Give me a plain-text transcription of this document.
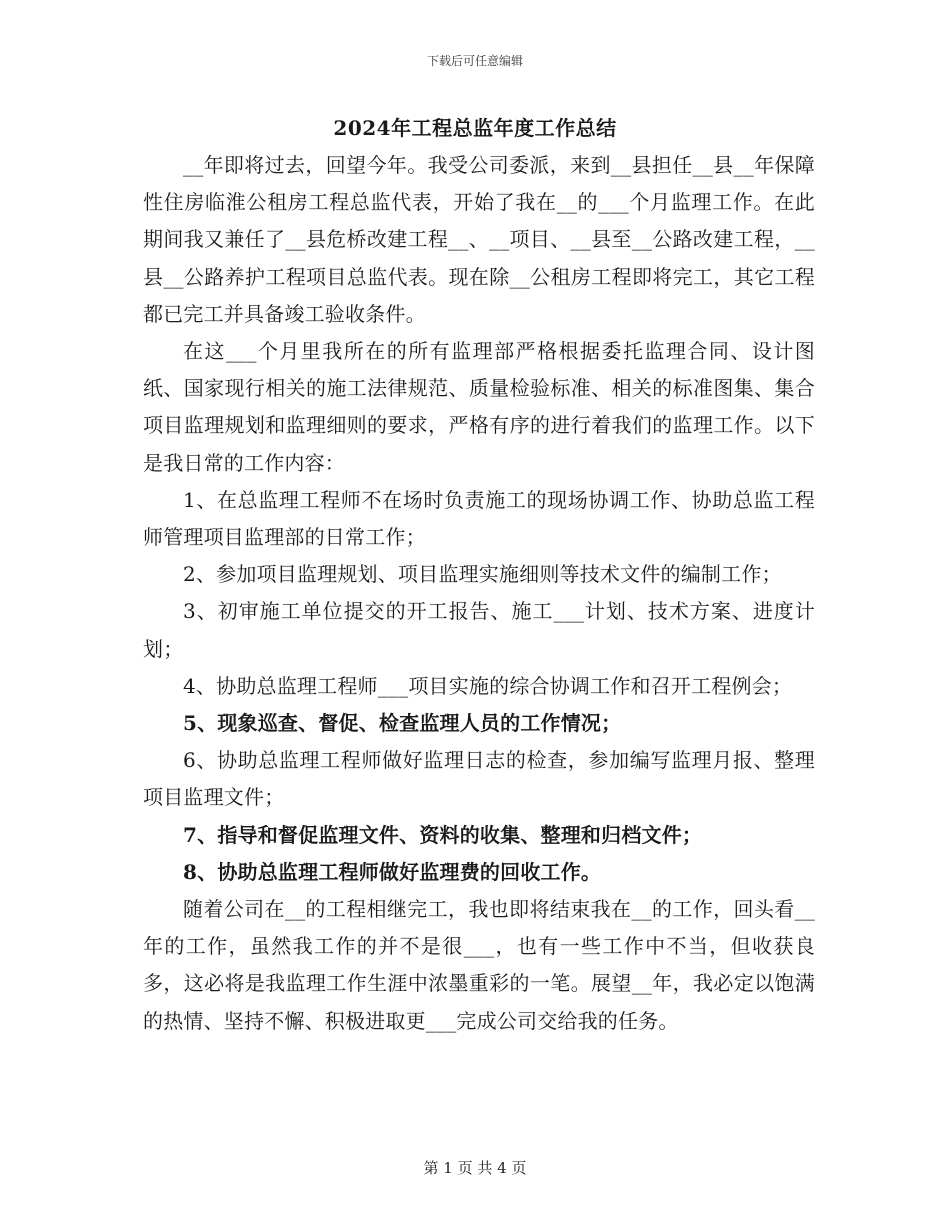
下载后可任意编辑
2024年工程总监年度工作总结

__年即将过去，回望今年。我受公司委派，来到__县担任__县__年保障性住房临淮公租房工程总监代表，开始了我在__的___个月监理工作。在此期间我又兼任了__县危桥改建工程__、__项目、__县至__公路改建工程，__县__公路养护工程项目总监代表。现在除__公租房工程即将完工，其它工程都已完工并具备竣工验收条件。

在这___个月里我所在的所有监理部严格根据委托监理合同、设计图纸、国家现行相关的施工法律规范、质量检验标准、相关的标准图集、集合项目监理规划和监理细则的要求，严格有序的进行着我们的监理工作。以下是我日常的工作内容：

1、在总监理工程师不在场时负责施工的现场协调工作、协助总监工程师管理项目监理部的日常工作；

2、参加项目监理规划、项目监理实施细则等技术文件的编制工作；

3、初审施工单位提交的开工报告、施工___计划、技术方案、进度计划；

4、协助总监理工程师___项目实施的综合协调工作和召开工程例会；

5、现象巡查、督促、检查监理人员的工作情况；

6、协助总监理工程师做好监理日志的检查，参加编写监理月报、整理项目监理文件；

7、指导和督促监理文件、资料的收集、整理和归档文件；

8、协助总监理工程师做好监理费的回收工作。

随着公司在__的工程相继完工，我也即将结束我在__的工作，回头看__年的工作，虽然我工作的并不是很___，也有一些工作中不当，但收获良多，这必将是我监理工作生涯中浓墨重彩的一笔。展望__年，我必定以饱满的热情、坚持不懈、积极进取更___完成公司交给我的任务。

第 1 页 共 4 页
